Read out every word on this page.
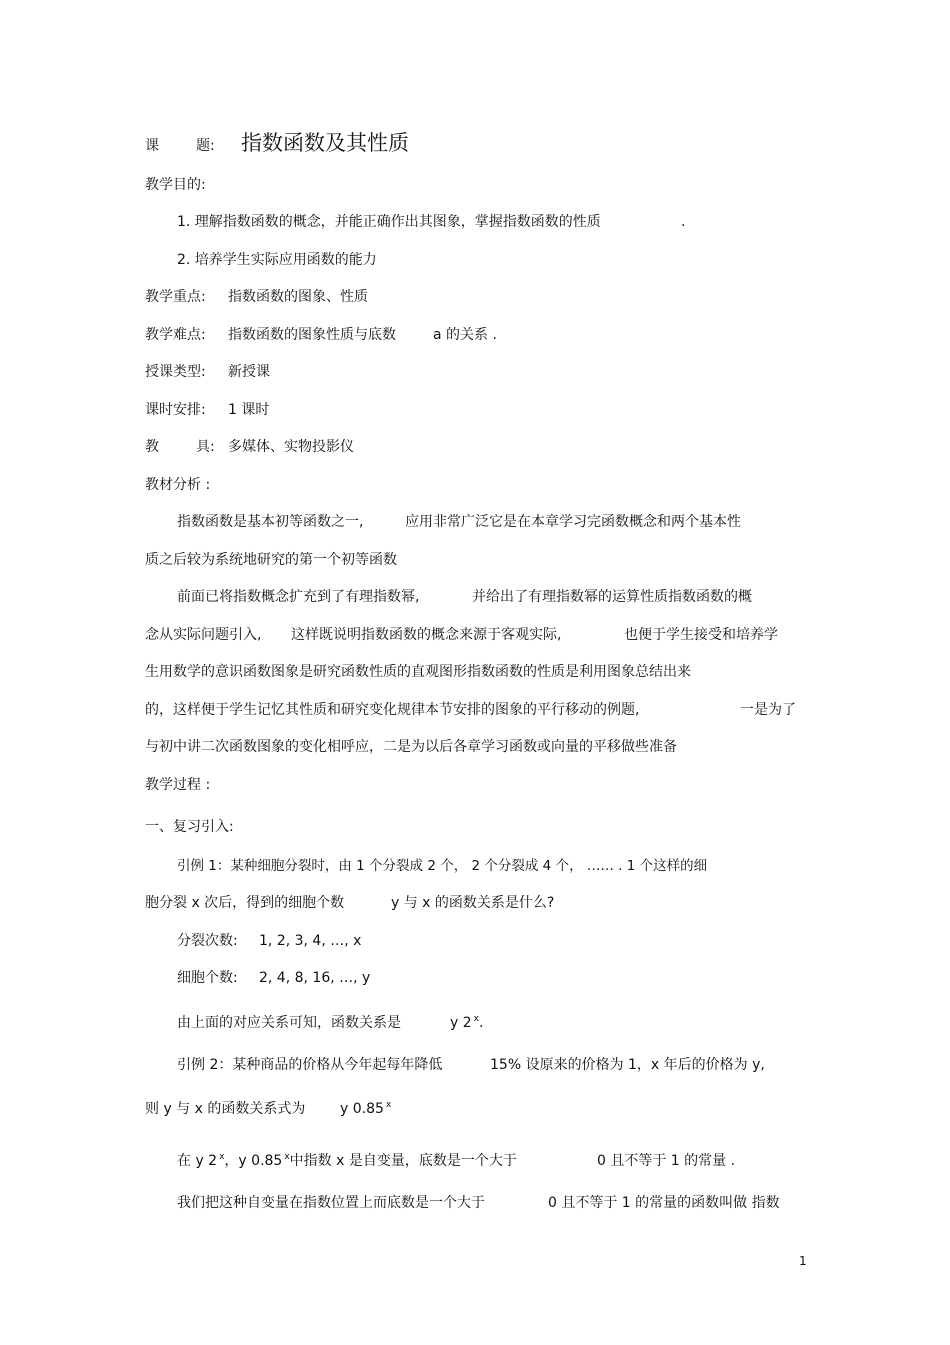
课	题: 指数函数及其性质
教学目的:
1. 理解指数函数的概念，并能正确作出其图象，掌握指数函数的性质	.
2. 培养学生实际应用函数的能力
教学重点: 指数函数的图象、性质
教学难点: 指数函数的图象性质与底数	a 的关系 .
授课类型: 新授课
课时安排: 1 课时
教	具: 多媒体、实物投影仪
教材分析 :
指数函数是基本初等函数之一,	应用非常广泛它是在本章学习完函数概念和两个基本性
质之后较为系统地研究的第一个初等函数
前面已将指数概念扩充到了有理指数幂,	并给出了有理指数幂的运算性质指数函数的概
念从实际问题引入, 这样既说明指数函数的概念来源于客观实际,	也便于学生接受和培养学
生用数学的意识函数图象是研究函数性质的直观图形指数函数的性质是利用图象总结出来
的，这样便于学生记忆其性质和研究变化规律本节安排的图象的平行移动的例题,	一是为了
与初中讲二次函数图象的变化相呼应，二是为以后各章学习函数或向量的平移做些准备
教学过程 :
一、复习引入:
引例 1：某种细胞分裂时，由 1 个分裂成 2 个， 2 个分裂成 4 个， …… . 1 个这样的细
胞分裂 x 次后，得到的细胞个数	y 与 x 的函数关系是什么?
分裂次数: 1, 2, 3, 4, …, x
细胞个数: 2, 4, 8, 16, …, y
由上面的对应关系可知，函数关系是	y 2 $^x$.
引例 2：某种商品的价格从今年起每年降低	15% 设原来的价格为 1，x 年后的价格为 y,
则 y 与 x 的函数关系式为 y 0.85 $^x$
在 y 2 $^x$，y 0.85 $^x$中指数 x 是自变量，底数是一个大于	0 且不等于 1 的常量 .
我们把这种自变量在指数位置上而底数是一个大于	0 且不等于 1 的常量的函数叫做 指数
1
